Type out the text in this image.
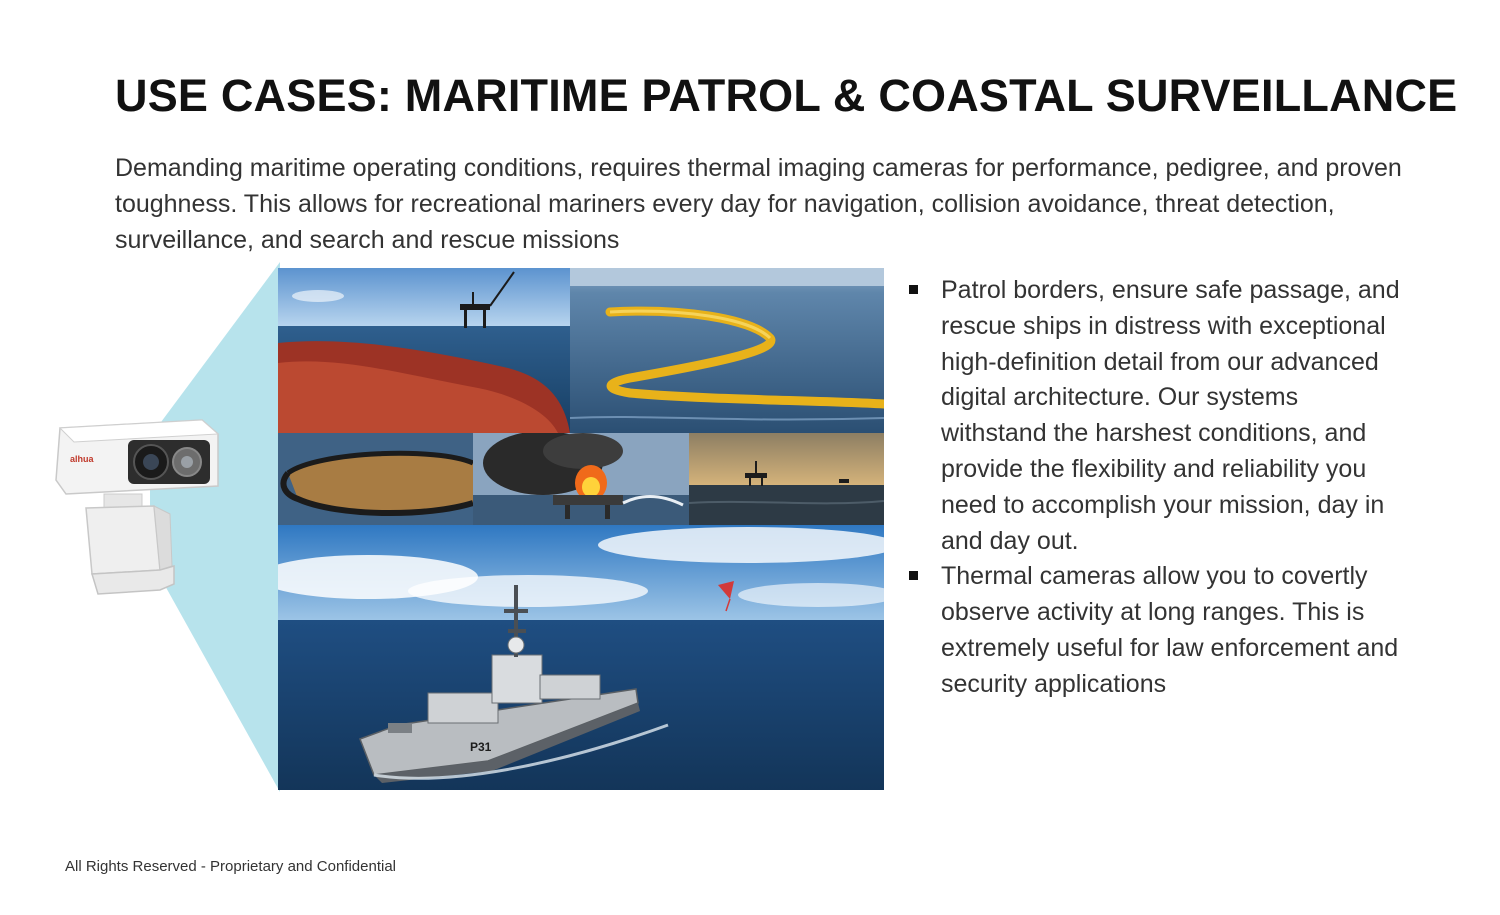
USE CASES: MARITIME PATROL & COASTAL SURVEILLANCE
Demanding maritime operating conditions, requires thermal imaging cameras for performance, pedigree, and proven toughness. This allows for recreational mariners every day for navigation, collision avoidance, threat detection, surveillance, and search and rescue missions
alhua
P31
Patrol borders, ensure safe passage, and rescue ships in distress with exceptional high-definition detail from our advanced digital architecture. Our systems withstand the harshest conditions, and provide the flexibility and reliability you need to accomplish your mission, day in and day out.
Thermal cameras allow you to covertly observe activity at long ranges. This is extremely useful for law enforcement and security applications
All Rights Reserved - Proprietary and Confidential
